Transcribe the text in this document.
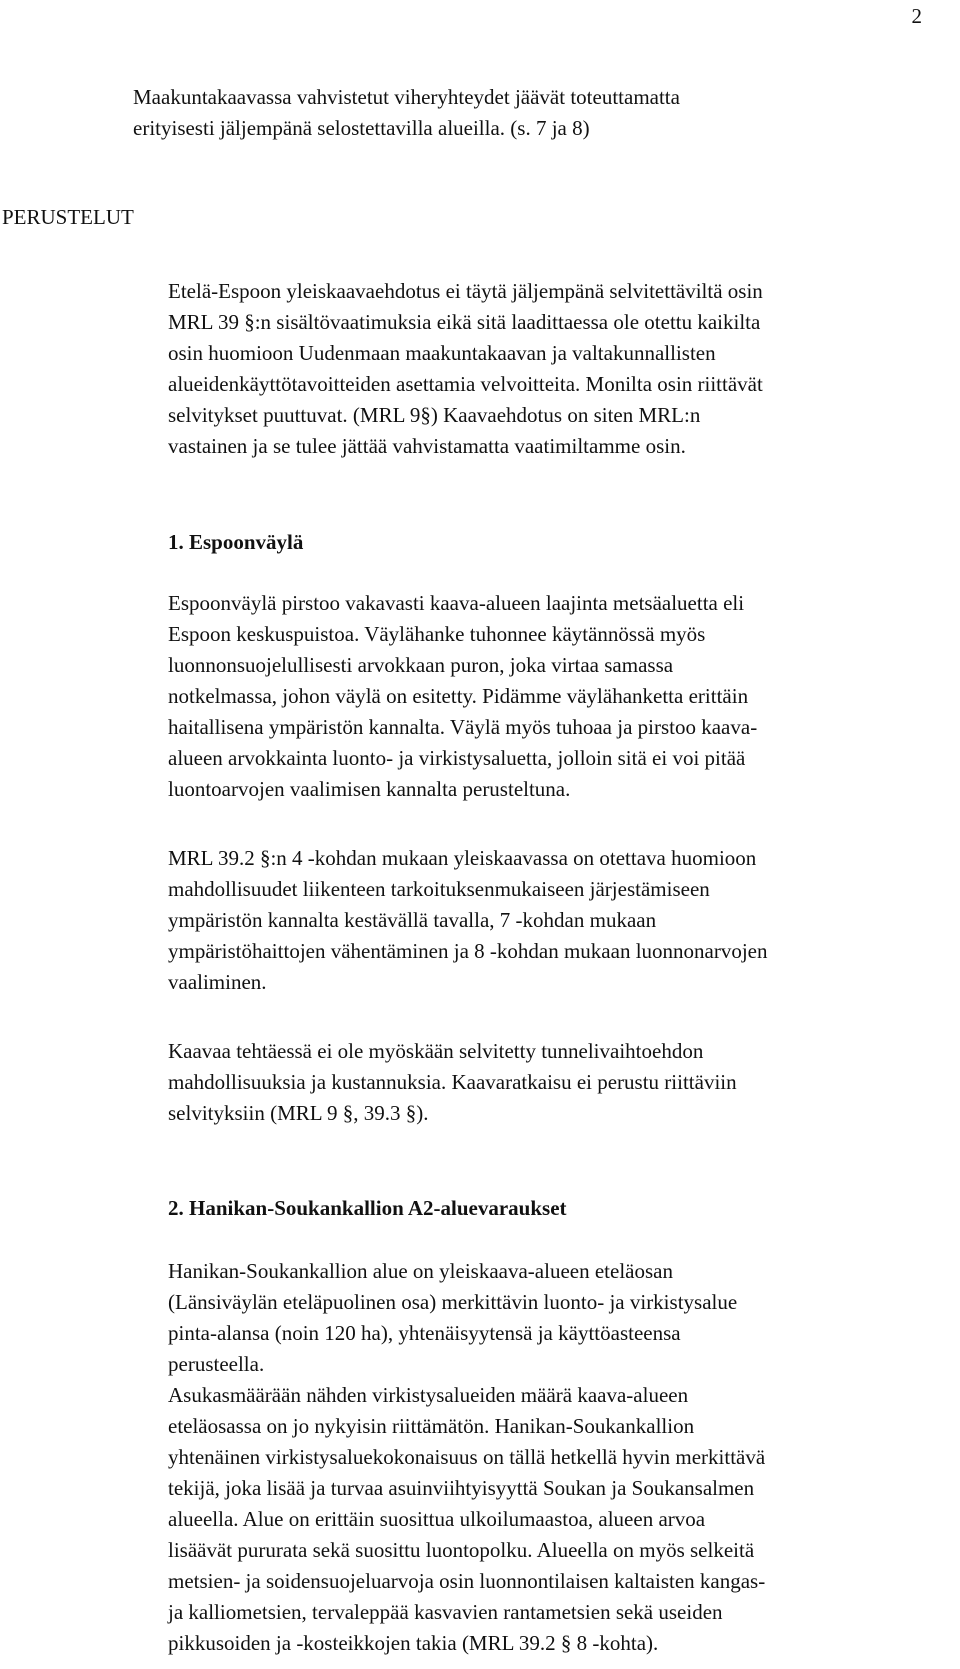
2
Maakuntakaavassa vahvistetut viheryhteydet jäävät toteuttamatta
erityisesti jäljempänä selostettavilla alueilla. (s. 7 ja 8)
PERUSTELUT
Etelä-Espoon yleiskaavaehdotus ei täytä jäljempänä selvitettäviltä osin
MRL 39 §:n sisältövaatimuksia eikä sitä laadittaessa ole otettu kaikilta
osin huomioon Uudenmaan maakuntakaavan ja valtakunnallisten
alueidenkäyttötavoitteiden asettamia velvoitteita. Monilta osin riittävät
selvitykset puuttuvat. (MRL 9§) Kaavaehdotus on siten MRL:n
vastainen ja se tulee jättää vahvistamatta vaatimiltamme osin.
1. Espoonväylä
Espoonväylä pirstoo vakavasti kaava-alueen laajinta metsäaluetta eli
Espoon keskuspuistoa. Väylähanke tuhonnee käytännössä myös
luonnonsuojelullisesti arvokkaan puron, joka virtaa samassa
notkelmassa, johon väylä on esitetty. Pidämme väylähanketta erittäin
haitallisena ympäristön kannalta. Väylä myös tuhoaa ja pirstoo kaava-
alueen arvokkainta luonto- ja virkistysaluetta, jolloin sitä ei voi pitää
luontoarvojen vaalimisen kannalta perusteltuna.
MRL 39.2 §:n 4 -kohdan mukaan yleiskaavassa on otettava huomioon
mahdollisuudet liikenteen tarkoituksenmukaiseen järjestämiseen
ympäristön kannalta kestävällä tavalla, 7 -kohdan mukaan
ympäristöhaittojen vähentäminen ja 8 -kohdan mukaan luonnonarvojen
vaaliminen.
Kaavaa tehtäessä ei ole myöskään selvitetty tunnelivaihtoehdon
mahdollisuuksia ja kustannuksia. Kaavaratkaisu ei perustu riittäviin
selvityksiin (MRL 9 §, 39.3 §).
2. Hanikan-Soukankallion A2-aluevaraukset
Hanikan-Soukankallion alue on yleiskaava-alueen eteläosan
(Länsiväylän eteläpuolinen osa) merkittävin luonto- ja virkistysalue
pinta-alansa (noin 120 ha), yhtenäisyytensä ja käyttöasteensa
perusteella.
Asukasmäärään nähden virkistysalueiden määrä kaava-alueen
eteläosassa on jo nykyisin riittämätön. Hanikan-Soukankallion
yhtenäinen virkistysaluekokonaisuus on tällä hetkellä hyvin merkittävä
tekijä, joka lisää ja turvaa asuinviihtyisyyttä Soukan ja Soukansalmen
alueella. Alue on erittäin suosittua ulkoilumaastoa, alueen arvoa
lisäävät pururata sekä suosittu luontopolku. Alueella on myös selkeitä
metsien- ja soidensuojeluarvoja osin luonnontilaisen kaltaisten kangas-
ja kalliometsien, tervaleppää kasvavien rantametsien sekä useiden
pikkusoiden ja -kosteikkojen takia (MRL 39.2 § 8 -kohta).
